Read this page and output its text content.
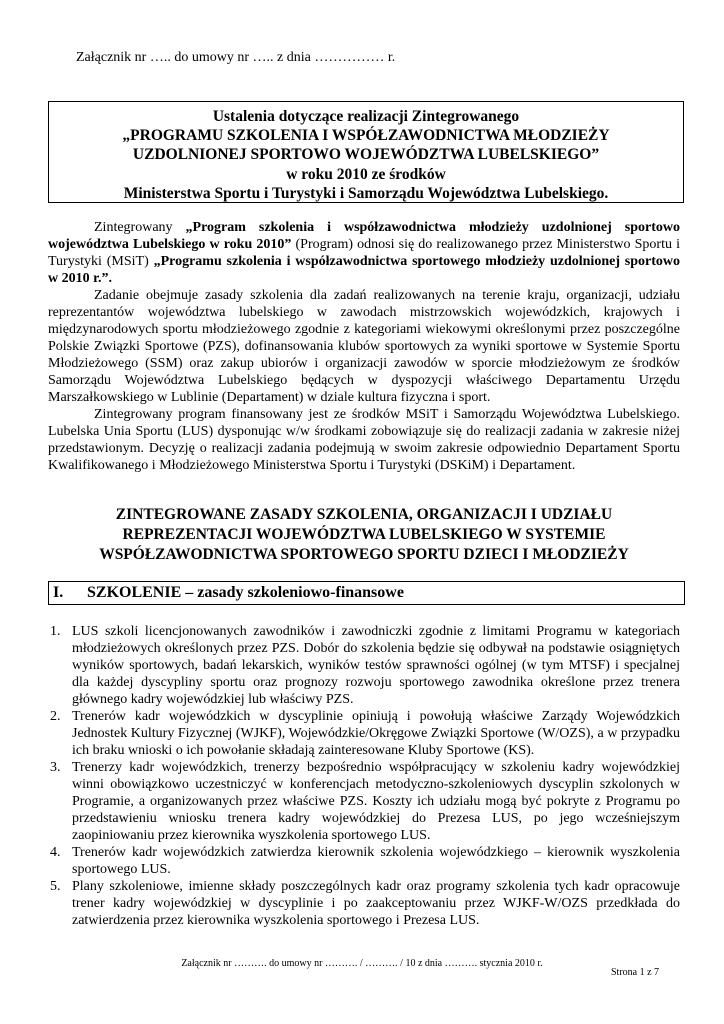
Załącznik nr ….. do umowy nr ….. z dnia …………… r.
Ustalenia dotyczące realizacji Zintegrowanego
„PROGRAMU SZKOLENIA I WSPÓŁZAWODNICTWA MŁODZIEŻY
UZDOLNIONEJ SPORTOWO WOJEWÓDZTWA LUBELSKIEGO”
w roku 2010 ze środków
Ministerstwa Sportu i Turystyki i Samorządu Województwa Lubelskiego.

Zintegrowany „Program szkolenia i współzawodnictwa młodzieży uzdolnionej sportowo województwa Lubelskiego w roku 2010” (Program) odnosi się do realizowanego przez Ministerstwo Sportu i Turystyki (MSiT) „Programu szkolenia i współzawodnictwa sportowego młodzieży uzdolnionej sportowo w 2010 r.”.

Zadanie obejmuje zasady szkolenia dla zadań realizowanych na terenie kraju, organizacji, udziału reprezentantów województwa lubelskiego w zawodach mistrzowskich wojewódzkich, krajowych i międzynarodowych sportu młodzieżowego zgodnie z kategoriami wiekowymi określonymi przez poszczególne Polskie Związki Sportowe (PZS), dofinansowania klubów sportowych za wyniki sportowe w Systemie Sportu Młodzieżowego (SSM) oraz zakup ubiorów i organizacji zawodów w sporcie młodzieżowym ze środków Samorządu Województwa Lubelskiego będących w dyspozycji właściwego Departamentu Urzędu Marszałkowskiego w Lublinie (Departament) w dziale kultura fizyczna i sport.

Zintegrowany program finansowany jest ze środków MSiT i Samorządu Województwa Lubelskiego. Lubelska Unia Sportu (LUS) dysponując w/w środkami zobowiązuje się do realizacji zadania w zakresie niżej przedstawionym. Decyzję o realizacji zadania podejmują w swoim zakresie odpowiednio Departament Sportu Kwalifikowanego i Młodzieżowego Ministerstwa Sportu i Turystyki (DSKiM) i Departament.

ZINTEGROWANE ZASADY SZKOLENIA, ORGANIZACJI I UDZIAŁU
REPREZENTACJI WOJEWÓDZTWA LUBELSKIEGO W SYSTEMIE
WSPÓŁZAWODNICTWA SPORTOWEGO SPORTU DZIECI I MŁODZIEŻY
I. SZKOLENIE – zasady szkoleniowo-finansowe
1. LUS szkoli licencjonowanych zawodników i zawodniczki zgodnie z limitami Programu w kategoriach młodzieżowych określonych przez PZS. Dobór do szkolenia będzie się odbywał na podstawie osiągniętych wyników sportowych, badań lekarskich, wyników testów sprawności ogólnej (w tym MTSF) i specjalnej dla każdej dyscypliny sportu oraz prognozy rozwoju sportowego zawodnika określone przez trenera głównego kadry wojewódzkiej lub właściwy PZS.
2. Trenerów kadr wojewódzkich w dyscyplinie opiniują i powołują właściwe Zarządy Wojewódzkich Jednostek Kultury Fizycznej (WJKF), Wojewódzkie/Okręgowe Związki Sportowe (W/OZS), a w przypadku ich braku wnioski o ich powołanie składają zainteresowane Kluby Sportowe (KS).
3. Trenerzy kadr wojewódzkich, trenerzy bezpośrednio współpracujący w szkoleniu kadry wojewódzkiej winni obowiązkowo uczestniczyć w konferencjach metodyczno-szkoleniowych dyscyplin szkolonych w Programie, a organizowanych przez właściwe PZS. Koszty ich udziału mogą być pokryte z Programu po przedstawieniu wniosku trenera kadry wojewódzkiej do Prezesa LUS, po jego wcześniejszym zaopiniowaniu przez kierownika wyszkolenia sportowego LUS.
4. Trenerów kadr wojewódzkich zatwierdza kierownik szkolenia wojewódzkiego – kierownik wyszkolenia sportowego LUS.
5. Plany szkoleniowe, imienne składy poszczególnych kadr oraz programy szkolenia tych kadr opracowuje trener kadry wojewódzkiej w dyscyplinie i po zaakceptowaniu przez WJKF-W/OZS przedkłada do zatwierdzenia przez kierownika wyszkolenia sportowego i Prezesa LUS.
Załącznik nr ………. do umowy nr ………. / ………. / 10 z dnia ………. stycznia 2010 r.
Strona 1 z 7
